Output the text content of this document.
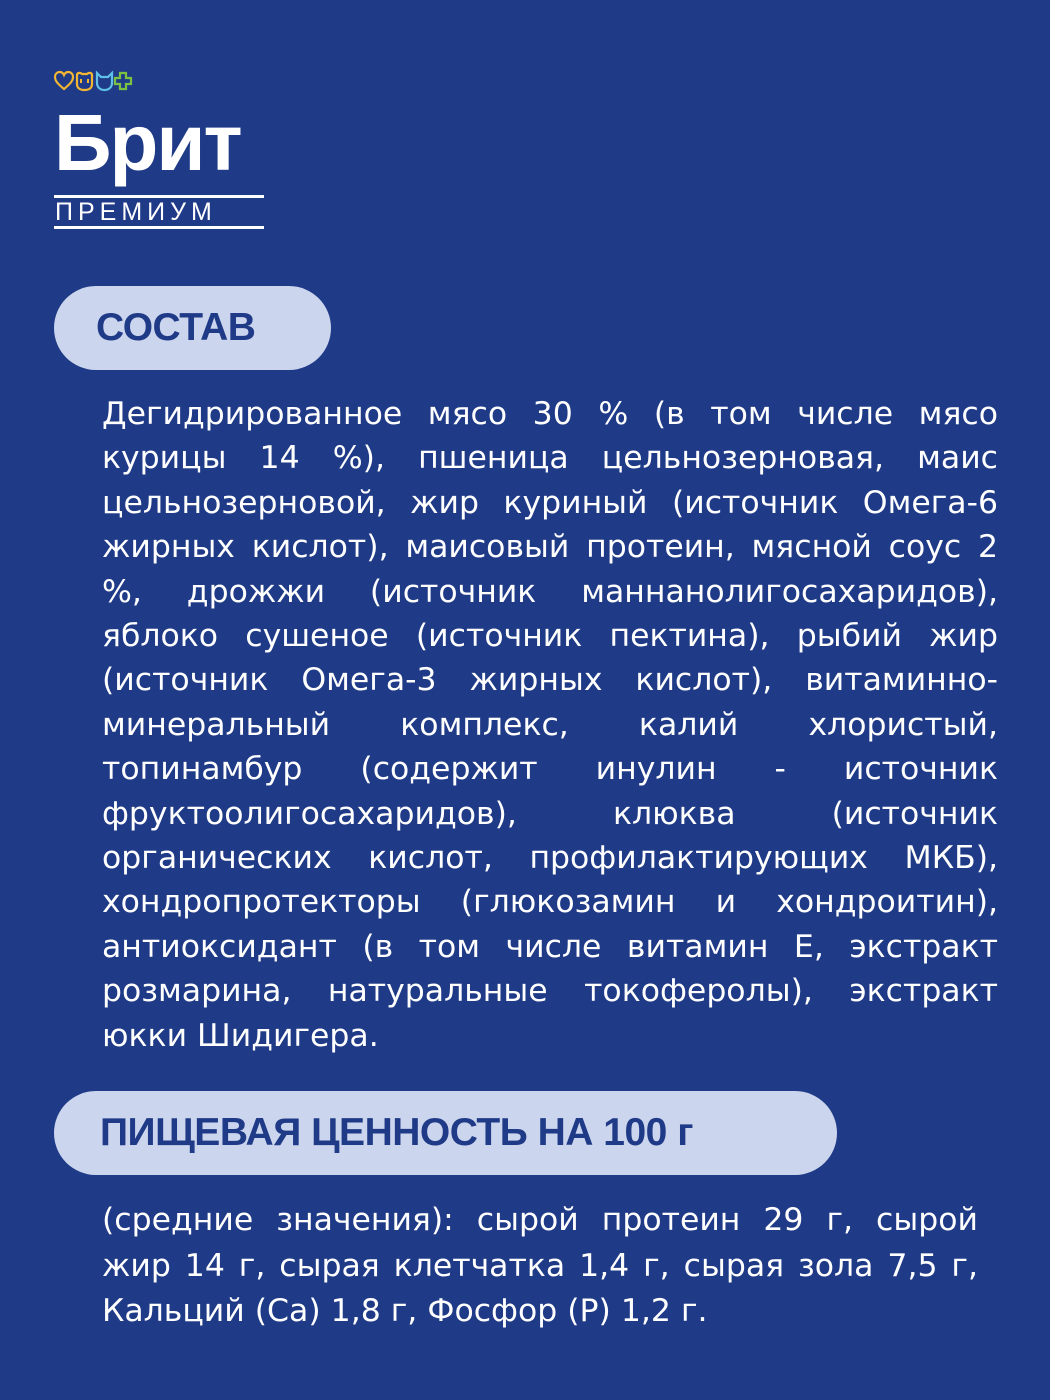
Брит
ПРЕМИУМ
СОСТАВ
Дегидрированное мясо 30 % (в том числе мясо курицы 14 %), пшеница цельнозерновая, маис цельнозерновой, жир куриный (источник Омега-6 жирных кислот), маисовый протеин, мясной соус 2 %, дрожжи (источник маннанолигосахаридов), яблоко сушеное (источник пектина), рыбий жир (источник Омега-3 жирных кислот), витаминно-минеральный комплекс, калий хлористый, топинамбур (содержит инулин - источник фруктоолигосахаридов), клюква (источник органических кислот, профилактирующих МКБ), хондропротекторы (глюкозамин и хондроитин), антиоксидант (в том числе витамин Е, экстракт розмарина, натуральные токоферолы), экстракт юкки Шидигера.
ПИЩЕВАЯ ЦЕННОСТЬ НА 100 г
(средние значения): сырой протеин 29 г, сырой жир 14 г, сырая клетчатка 1,4 г, сырая зола 7,5 г, Кальций (Са) 1,8 г, Фосфор (Р) 1,2 г.
